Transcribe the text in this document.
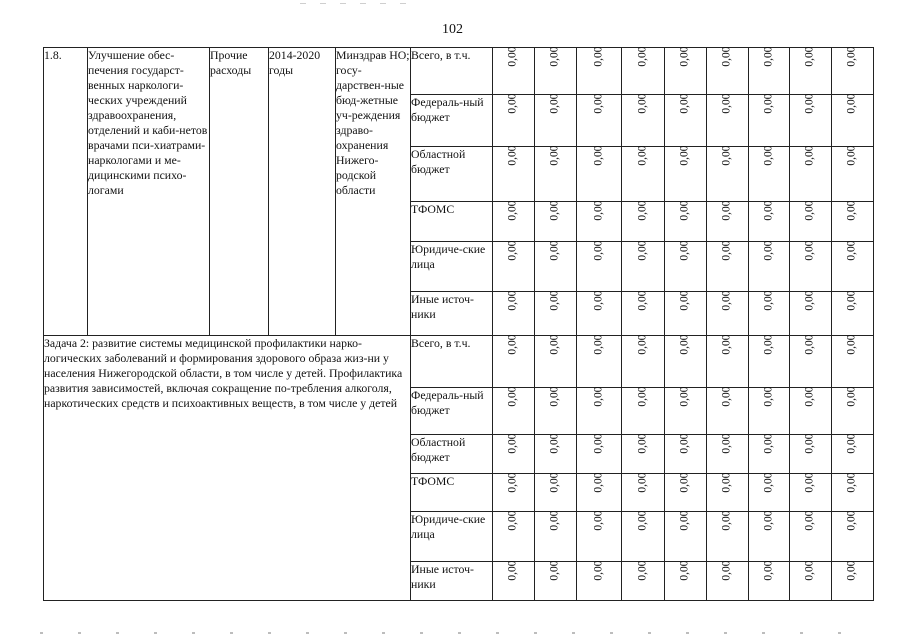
102
1.8.	Улучшение обес-печения государст-венных наркологи-ческих учреждений здравоохранения, отделений и каби-нетов врачами пси-хиатрами-наркологами и ме-дицинскими психо-логами	Прочие расходы	2014-2020 годы	Минздрав НО; госу-дарствен-ные бюд-жетные уч-реждения здраво-охранения Нижего-родской области	Всего, в т.ч.	0,00	0,00	0,00	0,00	0,00	0,00	0,00	0,00	0,00
					Федераль-ный бюджет	0,00	0,00	0,00	0,00	0,00	0,00	0,00	0,00	0,00
					Областной бюджет	0,00	0,00	0,00	0,00	0,00	0,00	0,00	0,00	0,00
					ТФОМС	0,00	0,00	0,00	0,00	0,00	0,00	0,00	0,00	0,00
					Юридиче-ские лица	0,00	0,00	0,00	0,00	0,00	0,00	0,00	0,00	0,00
					Иные источ-ники	0,00	0,00	0,00	0,00	0,00	0,00	0,00	0,00	0,00
Задача 2: развитие системы медицинской профилактики нарко-логических заболеваний и формирования здорового образа жиз-ни у населения Нижегородской области, в том числе у детей. Профилактика развития зависимостей, включая сокращение по-требления алкоголя, наркотических средств и психоактивных веществ, в том числе у детей					Всего, в т.ч.	0,00	0,00	0,00	0,00	0,00	0,00	0,00	0,00	0,00
					Федераль-ный бюджет	0,00	0,00	0,00	0,00	0,00	0,00	0,00	0,00	0,00
					Областной бюджет	0,00	0,00	0,00	0,00	0,00	0,00	0,00	0,00	0,00
					ТФОМС	0,00	0,00	0,00	0,00	0,00	0,00	0,00	0,00	0,00
					Юридиче-ские лица	0,00	0,00	0,00	0,00	0,00	0,00	0,00	0,00	0,00
					Иные источ-ники	0,00	0,00	0,00	0,00	0,00	0,00	0,00	0,00	0,00
